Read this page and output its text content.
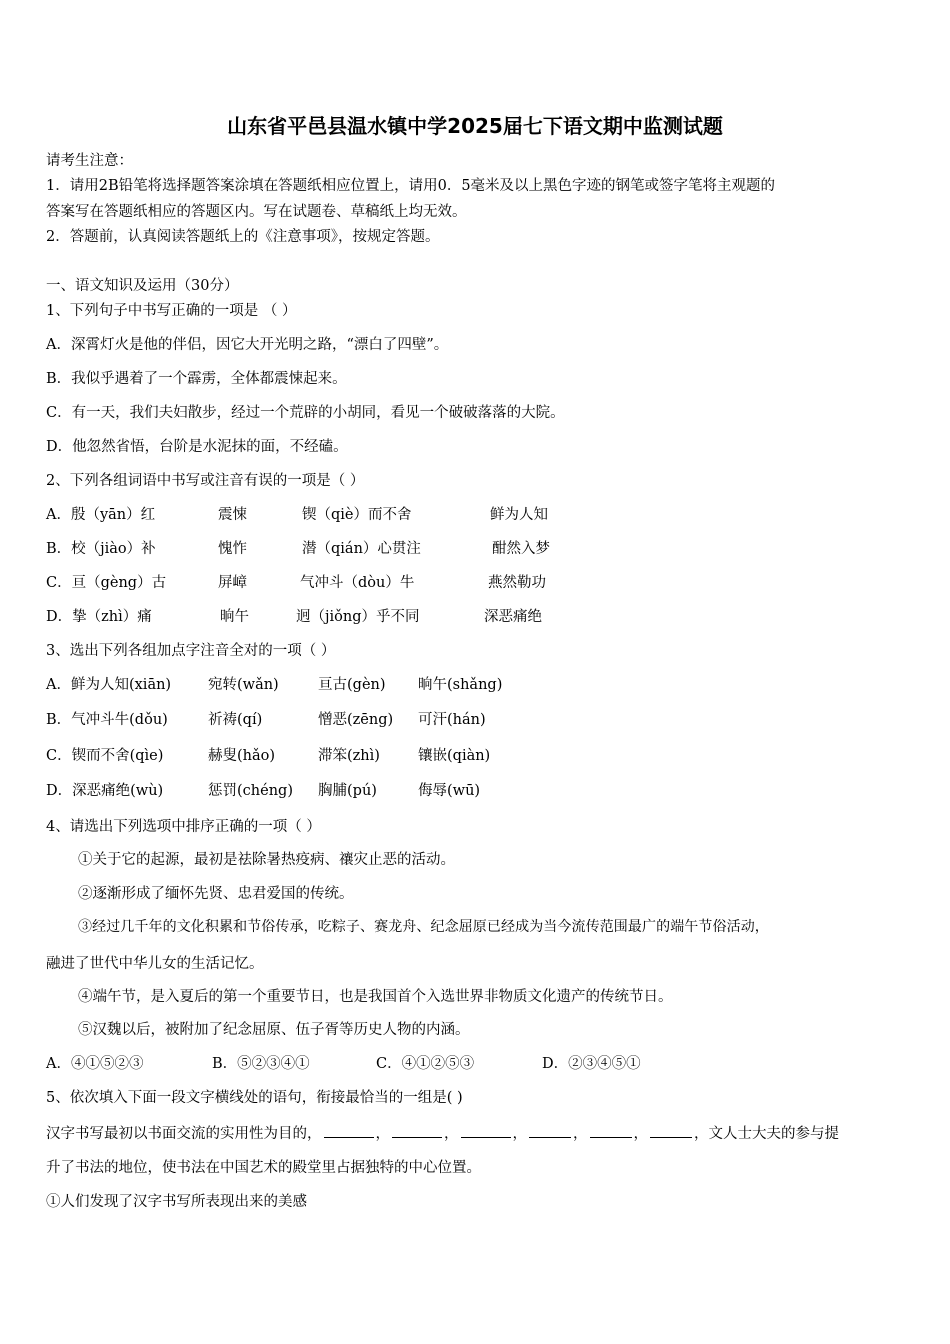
山东省平邑县温水镇中学2025届七下语文期中监测试题
请考生注意：
1．请用2B铅笔将选择题答案涂填在答题纸相应位置上，请用0．5毫米及以上黑色字迹的钢笔或签字笔将主观题的
答案写在答题纸相应的答题区内。写在试题卷、草稿纸上均无效。
2．答题前，认真阅读答题纸上的《注意事项》，按规定答题。
一、语文知识及运用（30分）
1、下列句子中书写正确的一项是 （ ）
A．深霄灯火是他的伴侣，因它大开光明之路，“漂白了四壁”。
B．我似乎遇着了一个霹雳，全体都震悚起来。
C．有一天，我们夫妇散步，经过一个荒辟的小胡同，看见一个破破落落的大院。
D．他忽然省悟，台阶是水泥抹的面，不经磕。
2、下列各组词语中书写或注音有误的一项是（ ）
A．殷（yān）红	震悚	锲（qiè）而不舍	鲜为人知
B．校（jiào）补	愧怍	潜（qián）心贯注	酣然入梦
C．亘（gèng）古	屏嶂	气冲斗（dòu）牛	燕然勒功
D．挚（zhì）痛	晌午	迥（jiǒng）乎不同	深恶痛绝
3、选出下列各组加点字注音全对的一项（ ）
A．鲜为人知(xiān)	宛转(wǎn)	亘古(gèn) 晌午(shǎng)
B．气冲斗牛(dǒu)	祈祷(qí)	憎恶(zēng) 可汗(hán)
C．锲而不舍(qìe)	赫叟(hǎo)	滞笨(zhì)	镶嵌(qiàn)
D．深恶痛绝(wù)	惩罚(chéng) 胸脯(pú)	侮辱(wū)
4、请选出下列选项中排序正确的一项（ ）
①关于它的起源，最初是祛除暑热疫病、禳灾止恶的活动。
②逐渐形成了缅怀先贤、忠君爱国的传统。
③经过几千年的文化积累和节俗传承，吃粽子、赛龙舟、纪念屈原已经成为当今流传范围最广的端午节俗活动，
融进了世代中华儿女的生活记忆。
④端午节，是入夏后的第一个重要节日，也是我国首个入选世界非物质文化遗产的传统节日。
⑤汉魏以后，被附加了纪念屈原、伍子胥等历史人物的内涵。
A．④①⑤②③	B．⑤②③④①	C．④①②⑤③	D．②③④⑤①
5、依次填入下面一段文字横线处的语句，衔接最恰当的一组是( )
汉字书写最初以书面交流的实用性为目的，	，	，	，	，	，	，文人士大夫的参与提
升了书法的地位，使书法在中国艺术的殿堂里占据独特的中心位置。
①人们发现了汉字书写所表现出来的美感
